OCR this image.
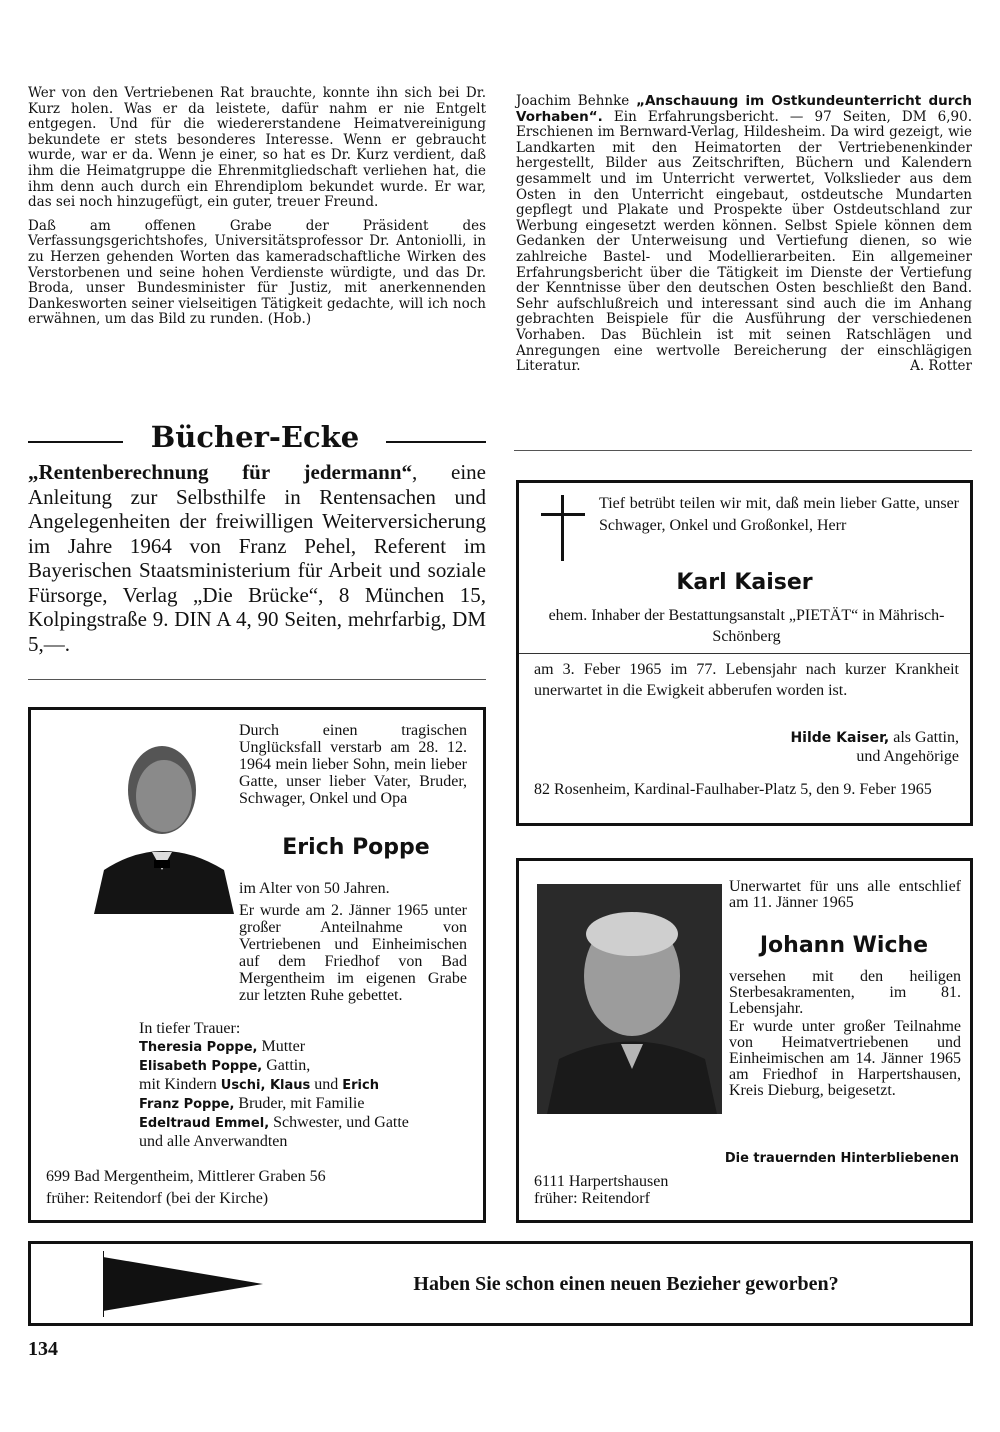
Wer von den Vertriebenen Rat brauchte, konnte ihn sich bei Dr. Kurz holen. Was er da leistete, dafür nahm er nie Entgelt entgegen. Und für die wiedererstandene Heimatvereinigung bekundete er stets besonderes Interesse. Wenn er gebraucht wurde, war er da. Wenn je einer, so hat es Dr. Kurz verdient, daß ihm die Heimatgruppe die Ehrenmitgliedschaft verliehen hat, die ihm denn auch durch ein Ehrendiplom bekundet wurde. Er war, das sei noch hinzugefügt, ein guter, treuer Freund.

Daß am offenen Grabe der Präsident des Verfassungsgerichtshofes, Universitätsprofessor Dr. Antoniolli, in zu Herzen gehenden Worten das kameradschaftliche Wirken des Verstorbenen und seine hohen Verdienste würdigte, und das Dr. Broda, unser Bundesminister für Justiz, mit anerkennenden Dankesworten seiner vielseitigen Tätigkeit gedachte, will ich noch erwähnen, um das Bild zu runden. (Hob.)

Bücher-Ecke
„Rentenberechnung für jedermann“, eine Anleitung zur Selbsthilfe in Rentensachen und Angelegenheiten der freiwilligen Weiterversicherung im Jahre 1964 von Franz Pehel, Referent im Bayerischen Staatsministerium für Arbeit und soziale Fürsorge, Verlag „Die Brücke“, 8 München 15, Kolpingstraße 9. DIN A 4, 90 Seiten, mehrfarbig, DM 5,—.
Joachim Behnke „Anschauung im Ostkundeunterricht durch Vorhaben“. Ein Erfahrungsbericht. — 97 Seiten, DM 6,90. Erschienen im Bernward-Verlag, Hildesheim. Da wird gezeigt, wie Landkarten mit den Heimatorten der Vertriebenenkinder hergestellt, Bilder aus Zeitschriften, Büchern und Kalendern gesammelt und im Unterricht verwertet, Volkslieder aus dem Osten in den Unterricht eingebaut, ostdeutsche Mundarten gepflegt und Plakate und Prospekte über Ostdeutschland zur Werbung eingesetzt werden können. Selbst Spiele können dem Gedanken der Unterweisung und Vertiefung dienen, so wie zahlreiche Bastel- und Modellierarbeiten. Ein allgemeiner Erfahrungsbericht über die Tätigkeit im Dienste der Vertiefung der Kenntnisse über den deutschen Osten beschließt den Band. Sehr aufschlußreich und interessant sind auch die im Anhang gebrachten Beispiele für die Ausführung der verschiedenen Vorhaben. Das Büchlein ist mit seinen Ratschlägen und Anregungen eine wertvolle Bereicherung der einschlägigen Literatur.	A. Rotter
Tief betrübt teilen wir mit, daß mein lieber Gatte, unser Schwager, Onkel und Großonkel, Herr
Karl Kaiser
ehem. Inhaber der Bestattungsanstalt „PIETÄT“ in Mährisch-Schönberg
am 3. Feber 1965 im 77. Lebensjahr nach kurzer Krankheit unerwartet in die Ewigkeit abberufen worden ist.
Hilde Kaiser, als Gattin,
und Angehörige
82 Rosenheim, Kardinal-Faulhaber-Platz 5, den 9. Feber 1965
Durch einen tragischen Unglücksfall verstarb am 28. 12. 1964 mein lieber Sohn, mein lieber Gatte, unser lieber Vater, Bruder, Schwager, Onkel und Opa
Erich Poppe
im Alter von 50 Jahren.
Er wurde am 2. Jänner 1965 unter großer Anteilnahme von Vertriebenen und Einheimischen auf dem Friedhof von Bad Mergentheim im eigenen Grabe zur letzten Ruhe gebettet.
In tiefer Trauer:
Theresia Poppe, Mutter
Elisabeth Poppe, Gattin,
mit Kindern Uschi, Klaus und Erich
Franz Poppe, Bruder, mit Familie
Edeltraud Emmel, Schwester, und Gatte
und alle Anverwandten
699 Bad Mergentheim, Mittlerer Graben 56
früher: Reitendorf (bei der Kirche)
Unerwartet für uns alle entschlief am 11. Jänner 1965
Johann Wiche
versehen mit den heiligen Sterbesakramenten, im 81. Lebensjahr.
Er wurde unter großer Teilnahme von Heimatvertriebenen und Einheimischen am 14. Jänner 1965 am Friedhof in Harpertshausen, Kreis Dieburg, beigesetzt.
Die trauernden Hinterbliebenen
6111 Harpertshausen
früher: Reitendorf
Haben Sie schon einen neuen Bezieher geworben?
134
